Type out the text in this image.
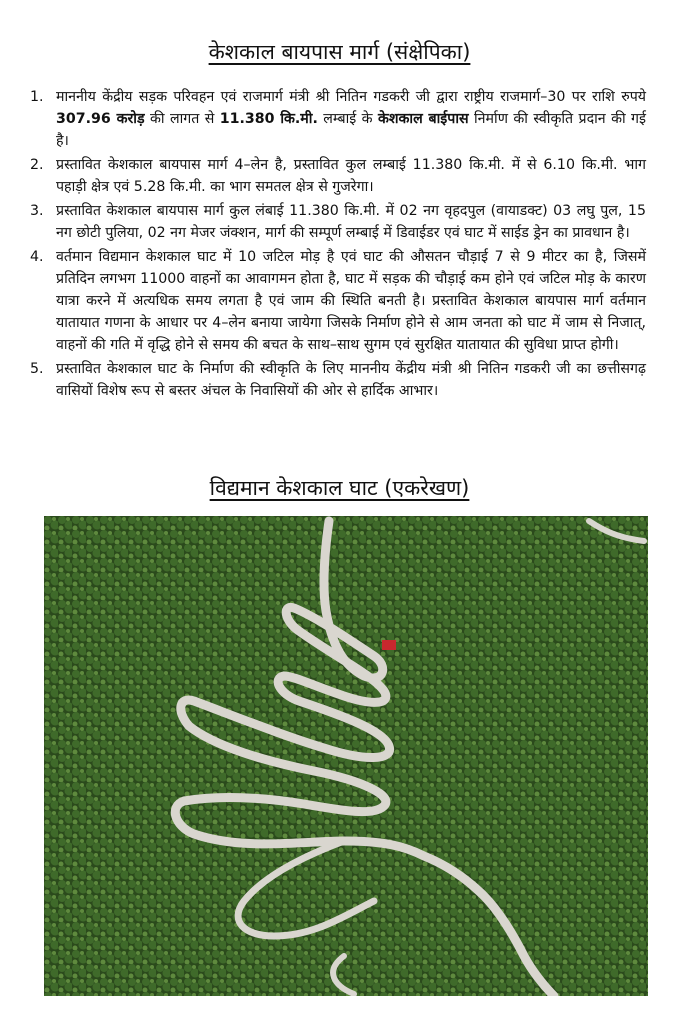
केशकाल बायपास मार्ग (संक्षेपिका)
1. माननीय केंद्रीय सड़क परिवहन एवं राजमार्ग मंत्री श्री नितिन गडकरी जी द्वारा राष्ट्रीय राजमार्ग–30 पर राशि रुपये 307.96 करोड़ की लागत से 11.380 कि.मी. लम्बाई के केशकाल बाईपास निर्माण की स्वीकृति प्रदान की गई है।
2. प्रस्तावित केशकाल बायपास मार्ग 4–लेन है, प्रस्तावित कुल लम्बाई 11.380 कि.मी. में से 6.10 कि.मी. भाग पहाड़ी क्षेत्र एवं 5.28 कि.मी. का भाग समतल क्षेत्र से गुजरेगा।
3. प्रस्तावित केशकाल बायपास मार्ग कुल लंबाई 11.380 कि.मी. में 02 नग वृहदपुल (वायाडक्ट) 03 लघु पुल, 15 नग छोटी पुलिया, 02 नग मेजर जंक्शन, मार्ग की सम्पूर्ण लम्बाई में डिवाईडर एवं घाट में साईड ड्रेन का प्रावधान है।
4. वर्तमान विद्यमान केशकाल घाट में 10 जटिल मोड़ है एवं घाट की औसतन चौड़ाई 7 से 9 मीटर का है, जिसमें प्रतिदिन लगभग 11000 वाहनों का आवागमन होता है, घाट में सड़क की चौड़ाई कम होने एवं जटिल मोड़ के कारण यात्रा करने में अत्यधिक समय लगता है एवं जाम की स्थिति बनती है। प्रस्तावित केशकाल बायपास मार्ग वर्तमान यातायात गणना के आधार पर 4–लेन बनाया जायेगा जिसके निर्माण होने से आम जनता को घाट में जाम से निजात्, वाहनों की गति में वृद्धि होने से समय की बचत के साथ–साथ सुगम एवं सुरक्षित यातायात की सुविधा प्राप्त होगी।
5. प्रस्तावित केशकाल घाट के निर्माण की स्वीकृति के लिए माननीय केंद्रीय मंत्री श्री नितिन गडकरी जी का छत्तीसगढ़ वासियों विशेष रूप से बस्तर अंचल के निवासियों की ओर से हार्दिक आभार।
विद्यमान केशकाल घाट (एकरेखण)
